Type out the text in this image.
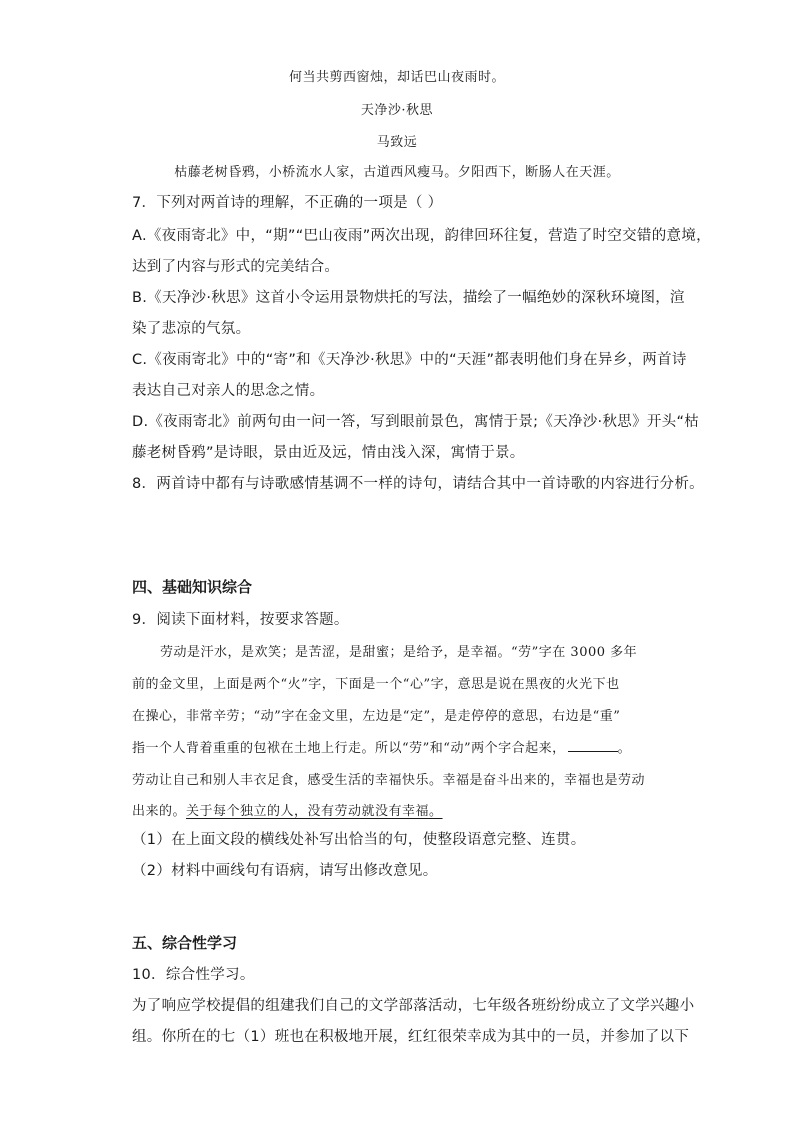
何当共剪西窗烛，却话巴山夜雨时。

天净沙·秋思

马致远

枯藤老树昏鸦，小桥流水人家，古道西风瘦马。夕阳西下，断肠人在天涯。

7．下列对两首诗的理解，不正确的一项是（ ）

A.《夜雨寄北》中，“期”“巴山夜雨”两次出现，韵律回环往复，营造了时空交错的意境，

达到了内容与形式的完美结合。

B.《天净沙·秋思》这首小令运用景物烘托的写法，描绘了一幅绝妙的深秋环境图，渲

染了悲凉的气氛。

C.《夜雨寄北》中的“寄”和《天净沙·秋思》中的“天涯”都表明他们身在异乡，两首诗

表达自己对亲人的思念之情。

D.《夜雨寄北》前两句由一问一答，写到眼前景色，寓情于景;《天净沙·秋思》开头“枯

藤老树昏鸦”是诗眼，景由近及远，情由浅入深，寓情于景。

8．两首诗中都有与诗歌感情基调不一样的诗句，请结合其中一首诗歌的内容进行分析。

四、基础知识综合

9．阅读下面材料，按要求答题。

劳动是汗水，是欢笑；是苦涩，是甜蜜；是给予，是幸福。“劳”字在 3000 多年

前的金文里，上面是两个“火”字，下面是一个“心”字，意思是说在黑夜的火光下也

在操心，非常辛劳；“动”字在金文里，左边是“定”，是走停停的意思，右边是“重”

指一个人背着重重的包袱在土地上行走。所以“劳”和“动”两个字合起来，	。

劳动让自己和别人丰衣足食，感受生活的幸福快乐。幸福是奋斗出来的，幸福也是劳动

出来的。关于每个独立的人，没有劳动就没有幸福。

（1）在上面文段的横线处补写出恰当的句，使整段语意完整、连贯。

（2）材料中画线句有语病，请写出修改意见。

五、综合性学习

10．综合性学习。

为了响应学校提倡的组建我们自己的文学部落活动，七年级各班纷纷成立了文学兴趣小

组。你所在的七（1）班也在积极地开展，红红很荣幸成为其中的一员，并参加了以下
